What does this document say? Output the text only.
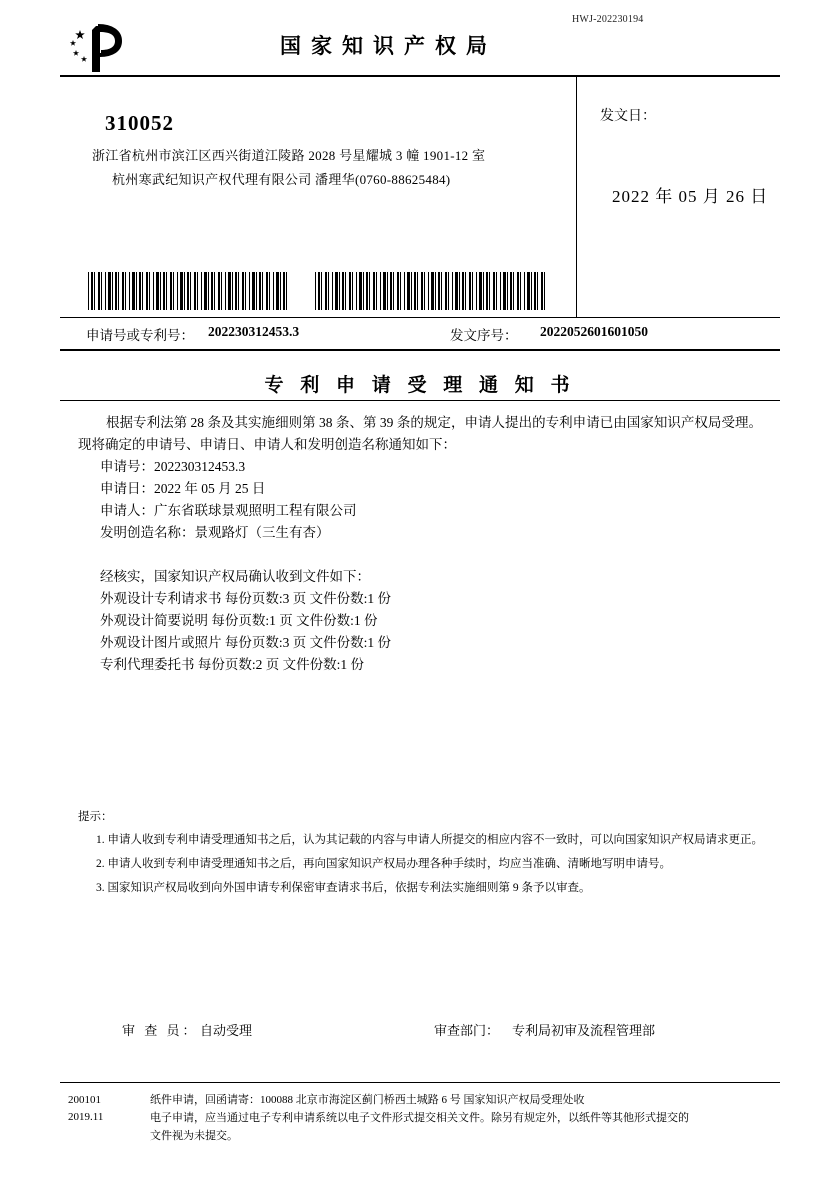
HWJ-202230194
国家知识产权局
310052
浙江省杭州市滨江区西兴街道江陵路 2028 号星耀城 3 幢 1901-12 室
杭州寒武纪知识产权代理有限公司 潘理华(0760-88625484)
发文日：
2022 年 05 月 26 日
申请号或专利号： 202230312453.3	发文序号： 2022052601601050
专 利 申 请 受 理 通 知 书
根据专利法第 28 条及其实施细则第 38 条、第 39 条的规定，申请人提出的专利申请已由国家知识产权局受理。现将确定的申请号、申请日、申请人和发明创造名称通知如下：
申请号：202230312453.3
申请日：2022 年 05 月 25 日
申请人：广东省联球景观照明工程有限公司
发明创造名称：景观路灯（三生有杏）
经核实，国家知识产权局确认收到文件如下：
外观设计专利请求书 每份页数:3 页 文件份数:1 份
外观设计简要说明 每份页数:1 页 文件份数:1 份
外观设计图片或照片 每份页数:3 页 文件份数:1 份
专利代理委托书 每份页数:2 页 文件份数:1 份
提示：
1. 申请人收到专利申请受理通知书之后，认为其记载的内容与申请人所提交的相应内容不一致时，可以向国家知识产权局请求更正。
2. 申请人收到专利申请受理通知书之后，再向国家知识产权局办理各种手续时，均应当准确、清晰地写明申请号。
3. 国家知识产权局收到向外国申请专利保密审查请求书后，依据专利法实施细则第 9 条予以审查。
审 查 员： 自动受理	审查部门： 专利局初审及流程管理部
200101
2019.11
纸件申请，回函请寄：100088 北京市海淀区蓟门桥西土城路 6 号 国家知识产权局受理处收
电子申请，应当通过电子专利申请系统以电子文件形式提交相关文件。除另有规定外，以纸件等其他形式提交的
文件视为未提交。
